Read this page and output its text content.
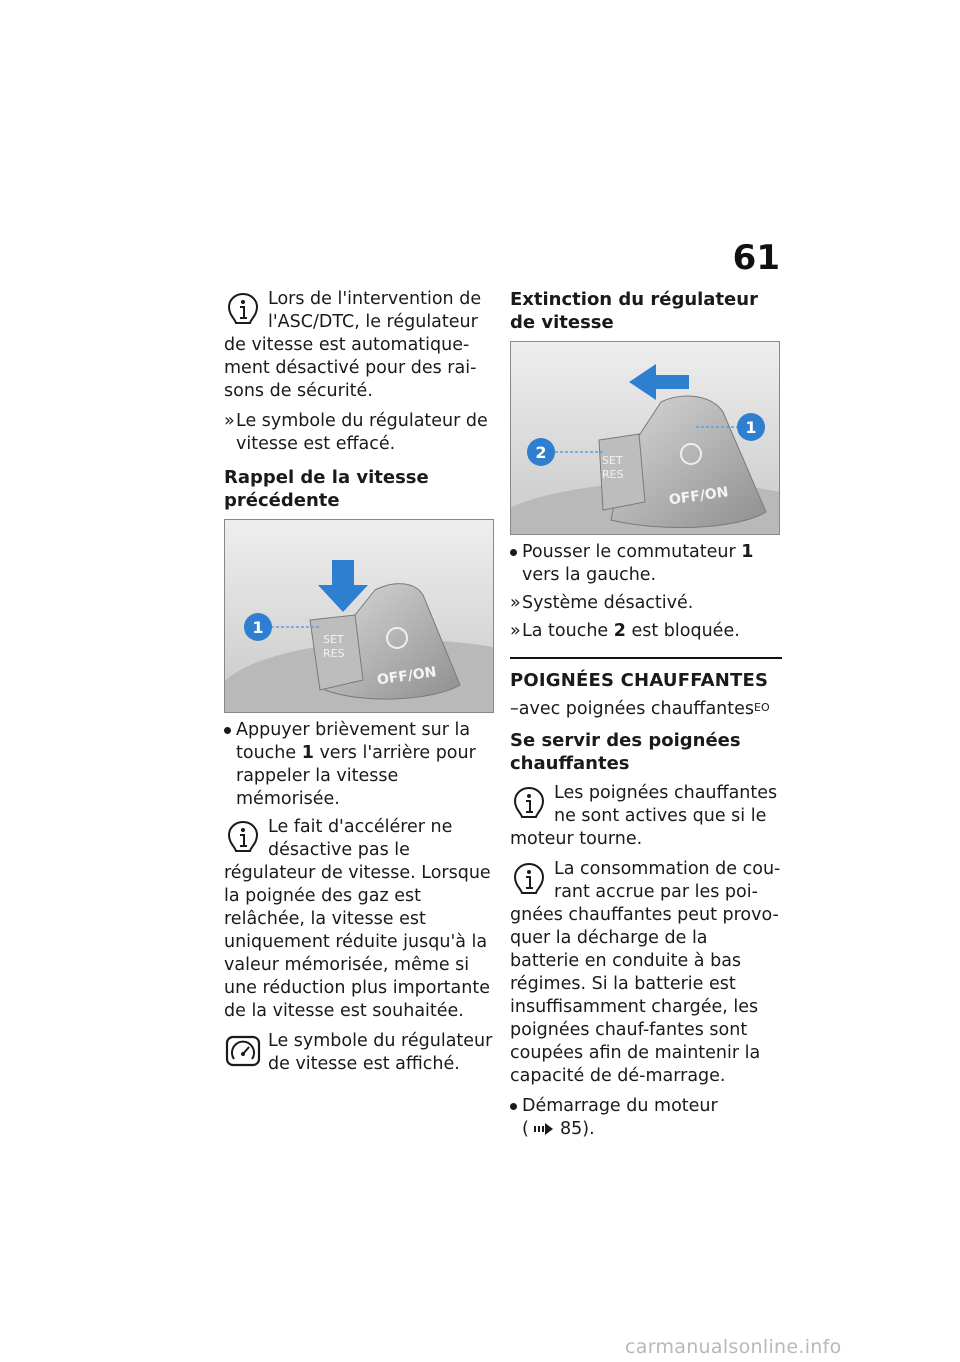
61
Lors de l'intervention de l'ASC/DTC, le régulateur de vitesse est automatique-ment désactivé pour des rai-sons de sécurité.
» Le symbole du régulateur de vitesse est effacé.
Rappel de la vitesse précédente
SET
RES
OFF/ON
1
Appuyer brièvement sur la touche 1 vers l'arrière pour rappeler la vitesse mémorisée.
Le fait d'accélérer ne désactive pas le régulateur de vitesse. Lorsque la poignée des gaz est relâchée, la vitesse est uniquement réduite jusqu'à la valeur mémorisée, même si une réduction plus importante de la vitesse est souhaitée.
Le symbole du régulateur de vitesse est affiché.
Extinction du régulateur de vitesse
SET
RES
OFF/ON
1
2
Pousser le commutateur 1 vers la gauche.
» Système désactivé.
» La touche 2 est bloquée.
POIGNÉES CHAUFFANTES
–avec poignées chauffantes$^{EO}$
Se servir des poignées chauffantes
Les poignées chauffantes ne sont actives que si le moteur tourne.
La consommation de cou-rant accrue par les poi-gnées chauffantes peut provo-quer la décharge de la batterie en conduite à bas régimes. Si la batterie est insuffisamment chargée, les poignées chauf-fantes sont coupées afin de maintenir la capacité de dé-marrage.
Démarrage du moteur
( 85).
carmanualsonline.info
